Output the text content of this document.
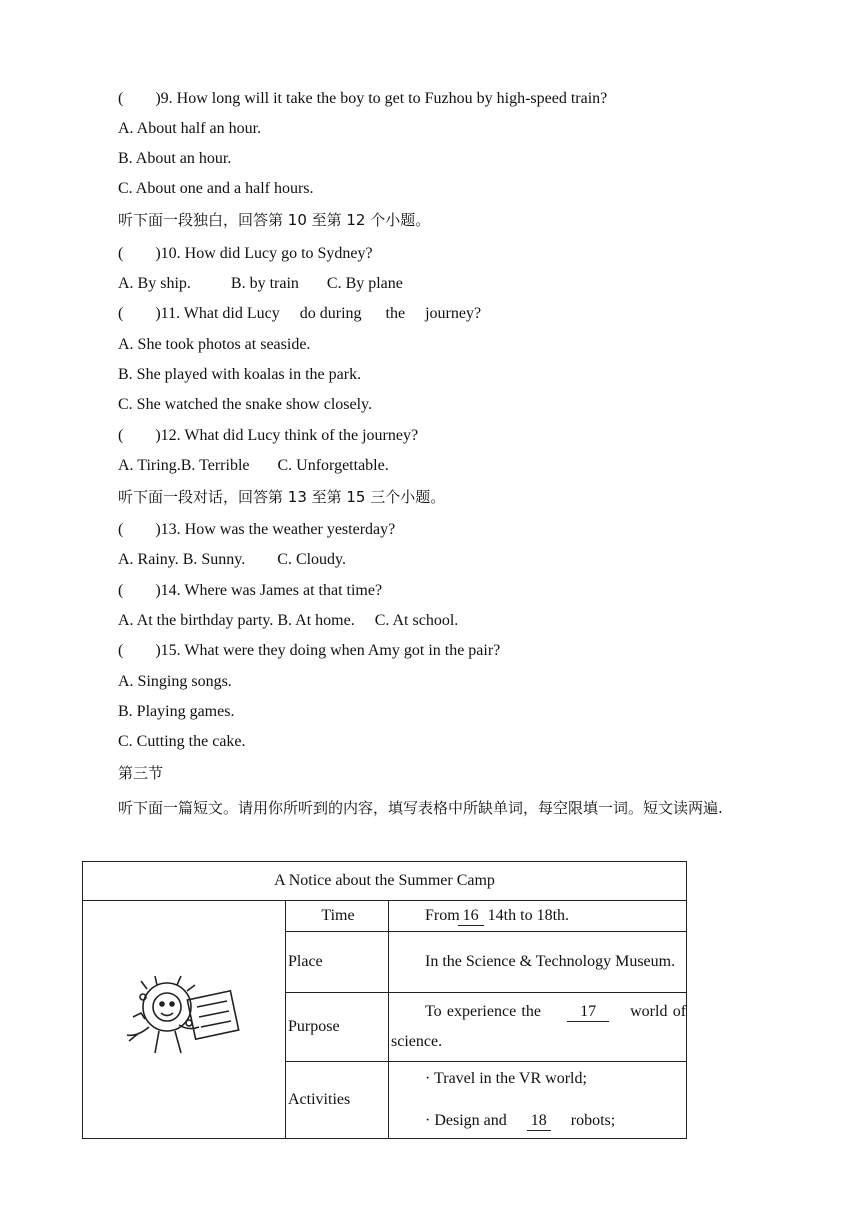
(        )9. How long will it take the boy to get to Fuzhou by high-speed train?
A. About half an hour.
B. About an hour.
C. About one and a half hours.
听下面一段独白，回答第 10 至第 12 个小题。
(        )10. How did Lucy go to Sydney?
A. By ship.          B. by train       C. By plane
(        )11. What did Lucy     do during      the     journey?
A. She took photos at seaside.
B. She played with koalas in the park.
C. She watched the snake show closely.
(        )12. What did Lucy think of the journey?
A. Tiring.B. Terrible       C. Unforgettable.
听下面一段对话，回答第 13 至第 15 三个小题。
(        )13. How was the weather yesterday?
A. Rainy. B. Sunny.        C. Cloudy.
(        )14. Where was James at that time?
A. At the birthday party. B. At home.     C. At school.
(        )15. What were they doing when Amy got in the pair?
A. Singing songs.
B. Playing games.
C. Cutting the cake.
第三节
听下面一篇短文。请用你所听到的内容，填写表格中所缺单词，每空限填一词。短文读两遍.
A Notice about the Summer Camp		
	Time	From 16 14th to 18th.
	Place	In the Science & Technology Museum.
	Purpose	To experience the 17 world of science.
	Activities	· Travel in the VR world;
· Design and 18 robots;
